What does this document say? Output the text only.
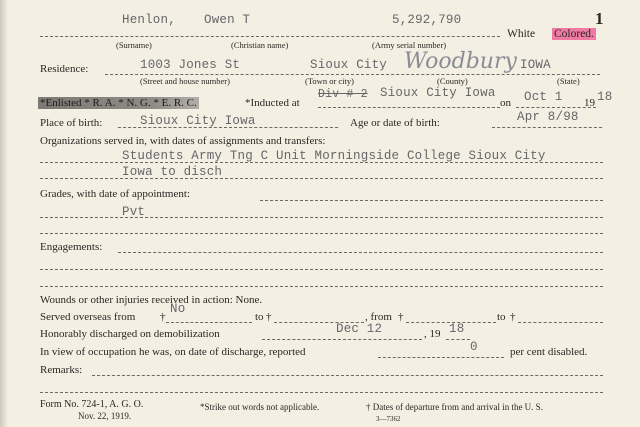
1
Henlon, Owen T	5,292,790
White Colored.
(Surname)	(Christian name)	(Army serial number)
Residence:	1003 Jones St	Sioux City Woodbury IOWA
(Street and house number)	(Town or city)	(County)	(State)
*Enlisted * R. A. * N. G. * E. R. C.	*Inducted at
Div # 2 Sioux City Iowa
on Oct 1 19 18
Place of birth:	Sioux City Iowa	Age or date of birth:	Apr 8/98
Organizations served in, with dates of assignments and transfers:
Students Army Tng C Unit Morningside College Sioux City
Iowa to disch
Grades, with date of appointment:
Pvt
Engagements:
Wounds or other injuries received in action: None.
Served overseas from †
No
to †	, from †	to †
Honorably discharged on demobilization	Dec 12	, 19 18
In view of occupation he was, on date of discharge, reported	0	per cent disabled.
Remarks:
Form No. 724-1, A. G. O.
Nov. 22, 1919.
*Strike out words not applicable.	† Dates of departure from and arrival in the U. S.
3—7362
